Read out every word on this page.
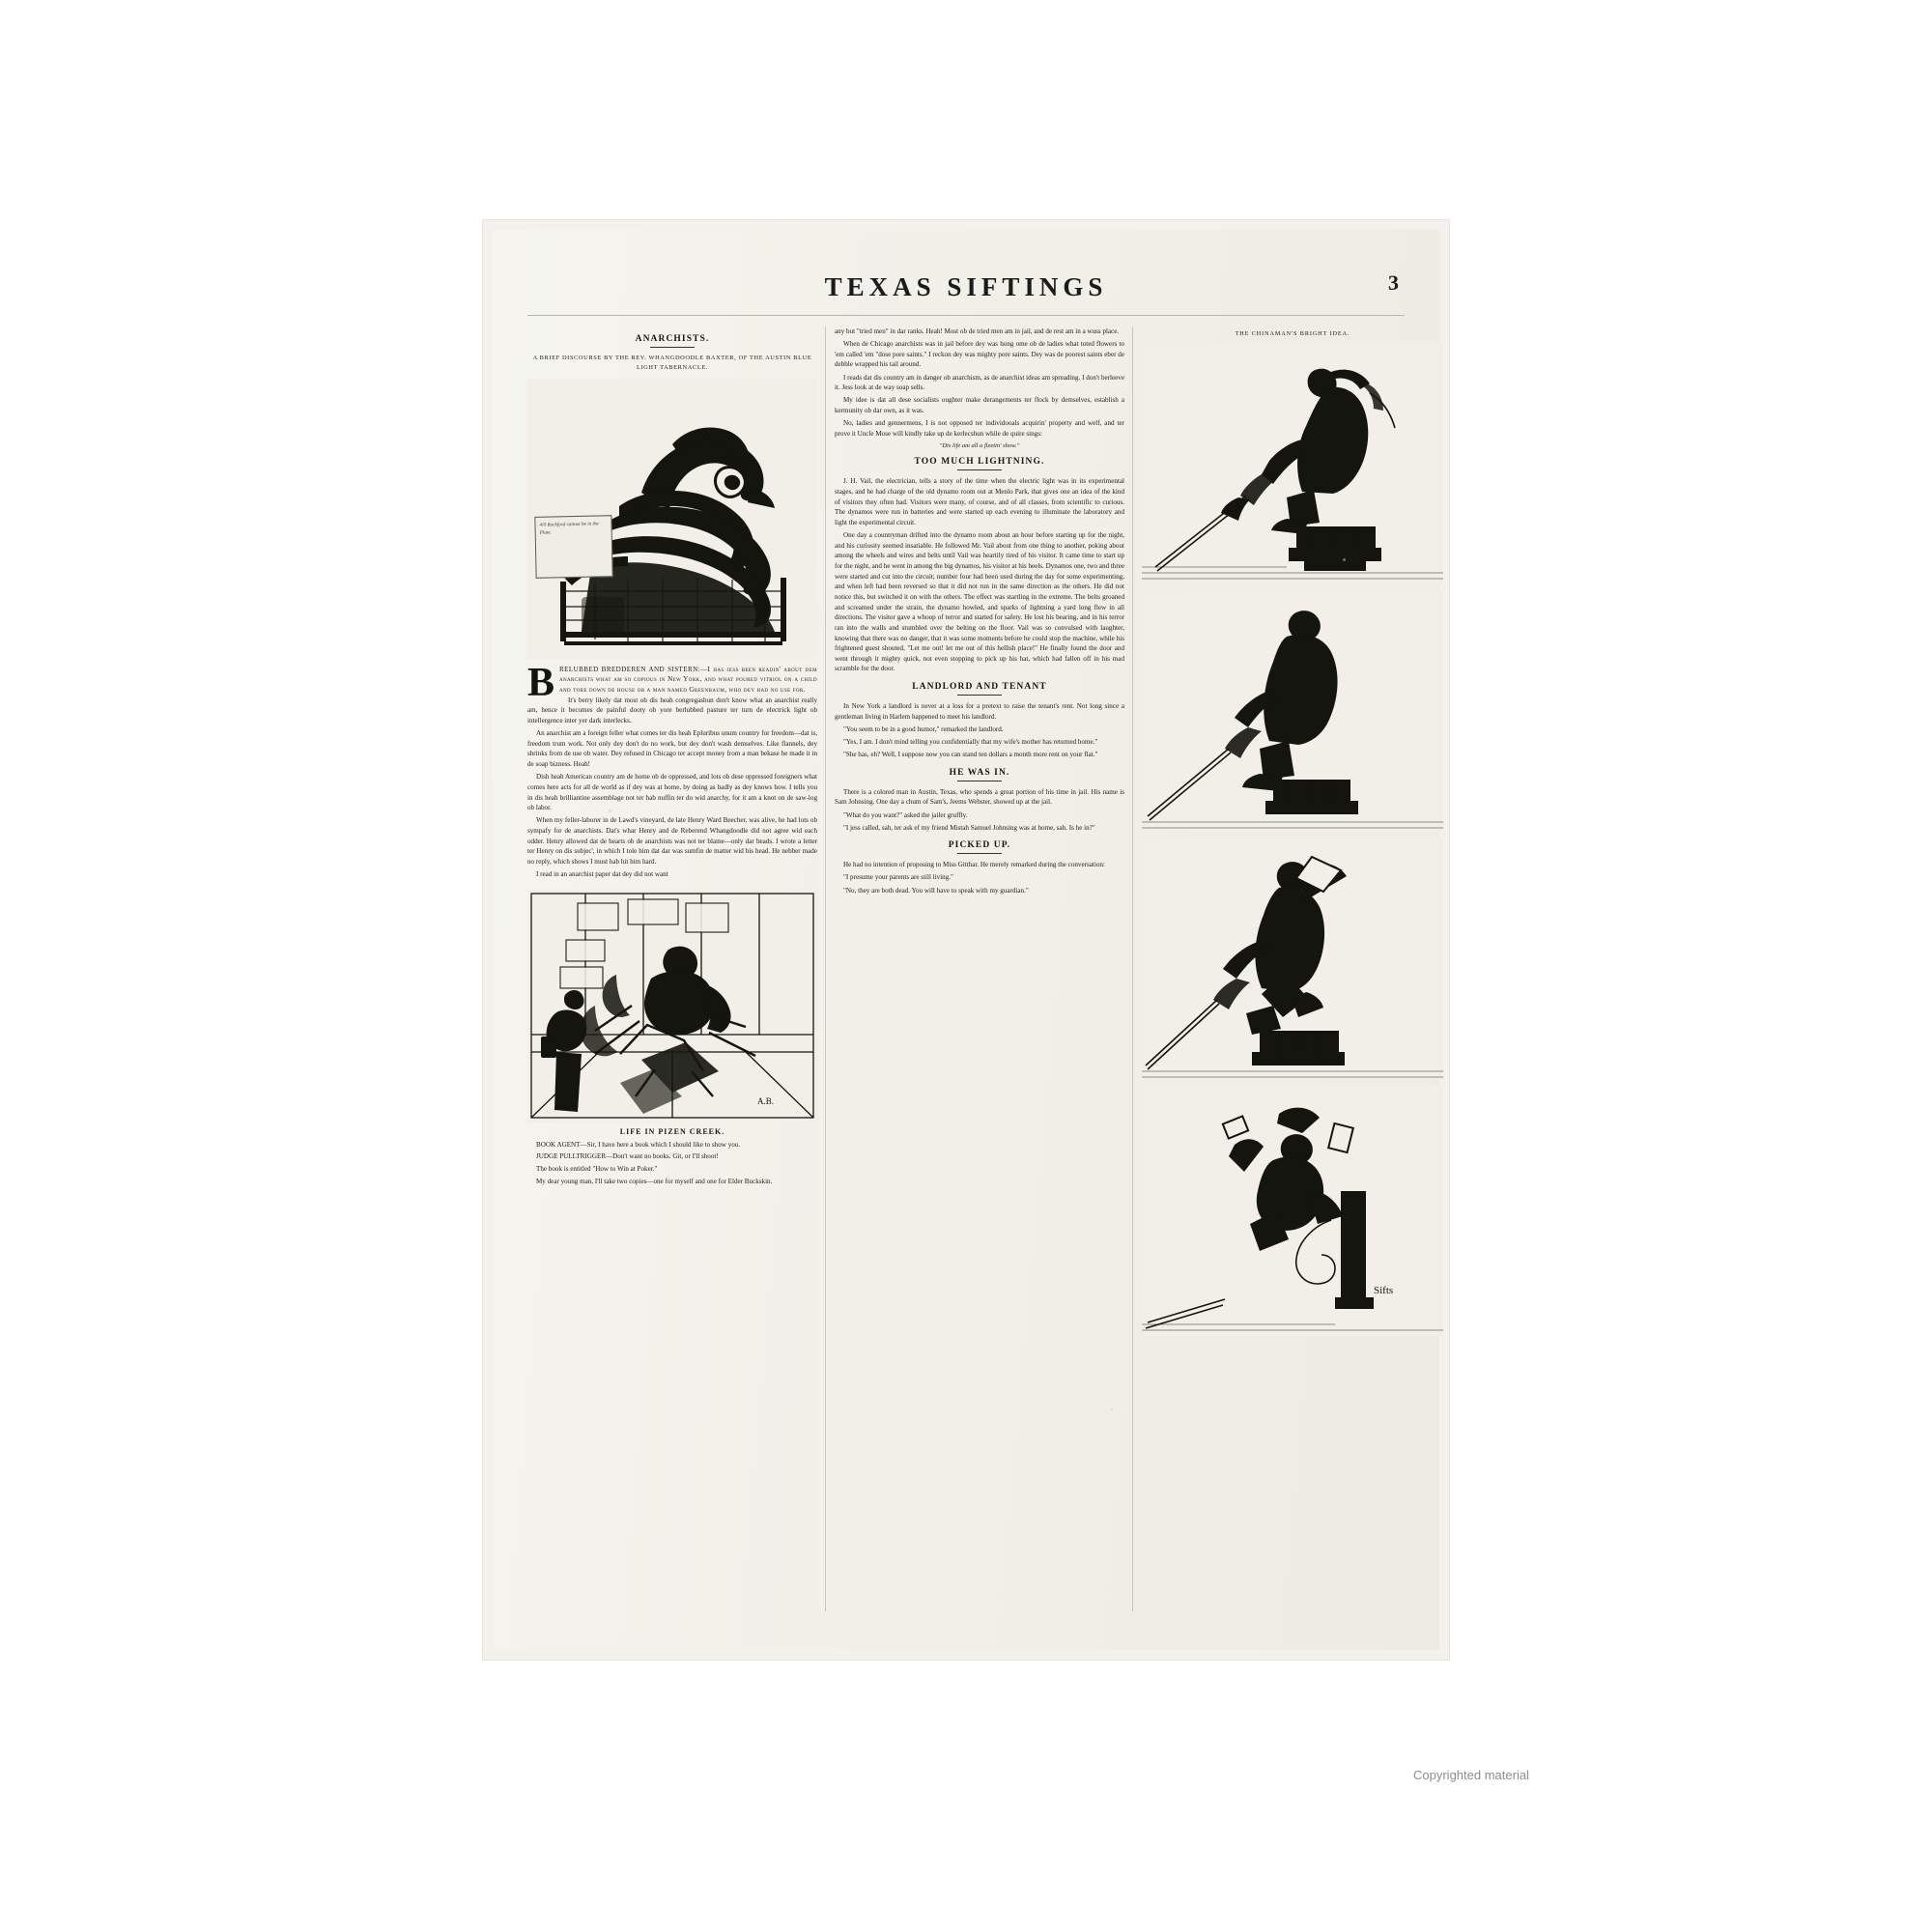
TEXAS SIFTINGS	3
ANARCHISTS.
A BRIEF DISCOURSE BY THE REV. WHANGDOODLE BAXTER, OF THE AUSTIN BLUE LIGHT TABERNACLE.
4/0 Rockford cannot be in the Plate.
B RELUBBED BREDDEREN AND SISTERN:—I has jess been readin' about dem anarchists what am so copious in New York, and what poured vitriol on a child and tore down de house ob a man named Greenbaum, who dey had no use for.

It's berry likely dat most ob dis heah congregashun don't know what an anarchist really am, hence it becomes de painful dooty ob yore berlubbed pasture ter turn de electrick light ob intellergence inter yer dark interlecks.

An anarchist am a foreign feller what comes ter dis heah Epluribus unum country for freedom—dat is, freedom trum work. Not only dey don't do no work, but dey don't wash demselves. Like flannels, dey shrinks from de use ob water. Dey refused in Chicago ter accept money from a man bekase he made it in de soap bizness. Heah!

Dish heah American country am de home ob de oppressed, and lots ob dese oppressed foreigners what comes here acts for all de world as if dey was at home, by doing as badly as dey knows how. I tells you in dis heah brilliantine assemblage not ter hab nuffin ter do wid anarchy, for it am a knot on de saw-log ob labor.

When my feller-laborer in de Lawd's vineyard, de late Henry Ward Beecher, was alive, he had lots ob sympafy for de anarchists. Dat's whar Henry and de Reberend Whangdoodle did not agree wid each odder. Henry allowed dat de hearts ob de anarchists was not ter blame—only dar beads. I wrote a letter ter Henry on dis subjec', in which I tole him dat dar was sumfin de matter wid his head. He nebber made no reply, which shows I must hab hit him hard.

I read in an anarchist paper dat dey did not want

A.B.
LIFE IN PIZEN CREEK.

BOOK AGENT—Sir, I have here a book which I should like to show you.

JUDGE PULLTRIGGER—Don't want no books. Git, or I'll shoot!

The book is entitled "How to Win at Poker."

My dear young man, I'll take two copies—one for myself and one for Elder Buckskin.

any but "tried men" in dar ranks. Heah! Most ob de tried men am in jail, and de rest am in a wuss place.

When de Chicago anarchists was in jail before dey was hung ome ob de ladies what toted flowers to 'em called 'em "dose pore saints." I reckon dey was mighty pore saints. Dey was de poorest saints eber de debble wrapped his tail around.

I reads dat dis country am in danger ob anarchism, as de anarchist ideas am spreading. I don't berleeve it. Jess look at de way soap sells.

My idee is dat all dese socialists oughter make derangements ter flock by demselves, establish a kermunity ob dar own, as it was.

No, ladies and gennermens, I is not opposed ter individooals acquirin' property and welf, and ter prove it Uncle Mose will kindly take up de kerlecshun while de quire sings:

"Dis life am all a fleetin' show."
TOO MUCH LIGHTNING.

J. H. Vail, the electrician, tells a story of the time when the electric light was in its experimental stages, and he had charge of the old dynamo room out at Menlo Park, that gives one an idea of the kind of visitors they often had. Visitors were many, of course, and of all classes, from scientific to curious. The dynamos were run in batteries and were started up each evening to illuminate the laboratory and light the experimental circuit.

One day a countryman drifted into the dynamo room about an hour before starting up for the night, and his curiosity seemed insatiable. He followed Mr. Vail about from one thing to another, poking about among the wheels and wires and belts until Vail was heartily tired of his visitor. It came time to start up for the night, and he went in among the big dynamos, his visitor at his heels. Dynamos one, two and three were started and cut into the circuit; number four had been used during the day for some experimenting, and when left had been reversed so that it did not run in the same direction as the others. He did not notice this, but switched it on with the others. The effect was startling in the extreme. The belts groaned and screamed under the strain, the dynamo howled, and sparks of lightning a yard long flew in all directions. The visitor gave a whoop of terror and started for safety. He lost his bearing, and in his terror ran into the walls and stumbled over the belting on the floor. Vail was so convulsed with laughter, knowing that there was no danger, that it was some moments before he could stop the machine, while his frightened guest shouted, "Let me out! let me out of this hellish place!" He finally found the door and went through it mighty quick, not even stopping to pick up his hat, which had fallen off in his mad scramble for the door.

LANDLORD AND TENANT

In New York a landlord is never at a loss for a pretext to raise the tenant's rent. Not long since a gentleman living in Harlem happened to meet his landlord.

"You seem to be in a good humor," remarked the landlord.

"Yes, I am. I don't mind telling you confidentially that my wife's mother has returned home."

"She has, eh? Well, I suppose now you can stand ten dollars a month more rent on your flat."

HE WAS IN.

There is a colored man in Austin, Texas, who spends a great portion of his time in jail. His name is Sam Johnsing. One day a chum of Sam's, Jeems Webster, showed up at the jail.

"What do you want?" asked the jailer gruffly.

"I jess called, sah, ter ask ef my friend Mistah Samuel Johnsing was at home, sah. Is he in?"

PICKED UP.

He had no intention of proposing to Miss Gitthar. He merely remarked during the conversation:

"I presume your parents are still living."

"No, they are both dead. You will have to speak with my guardian."

THE CHINAMAN'S BRIGHT IDEA.
Sifts
Copyrighted material
